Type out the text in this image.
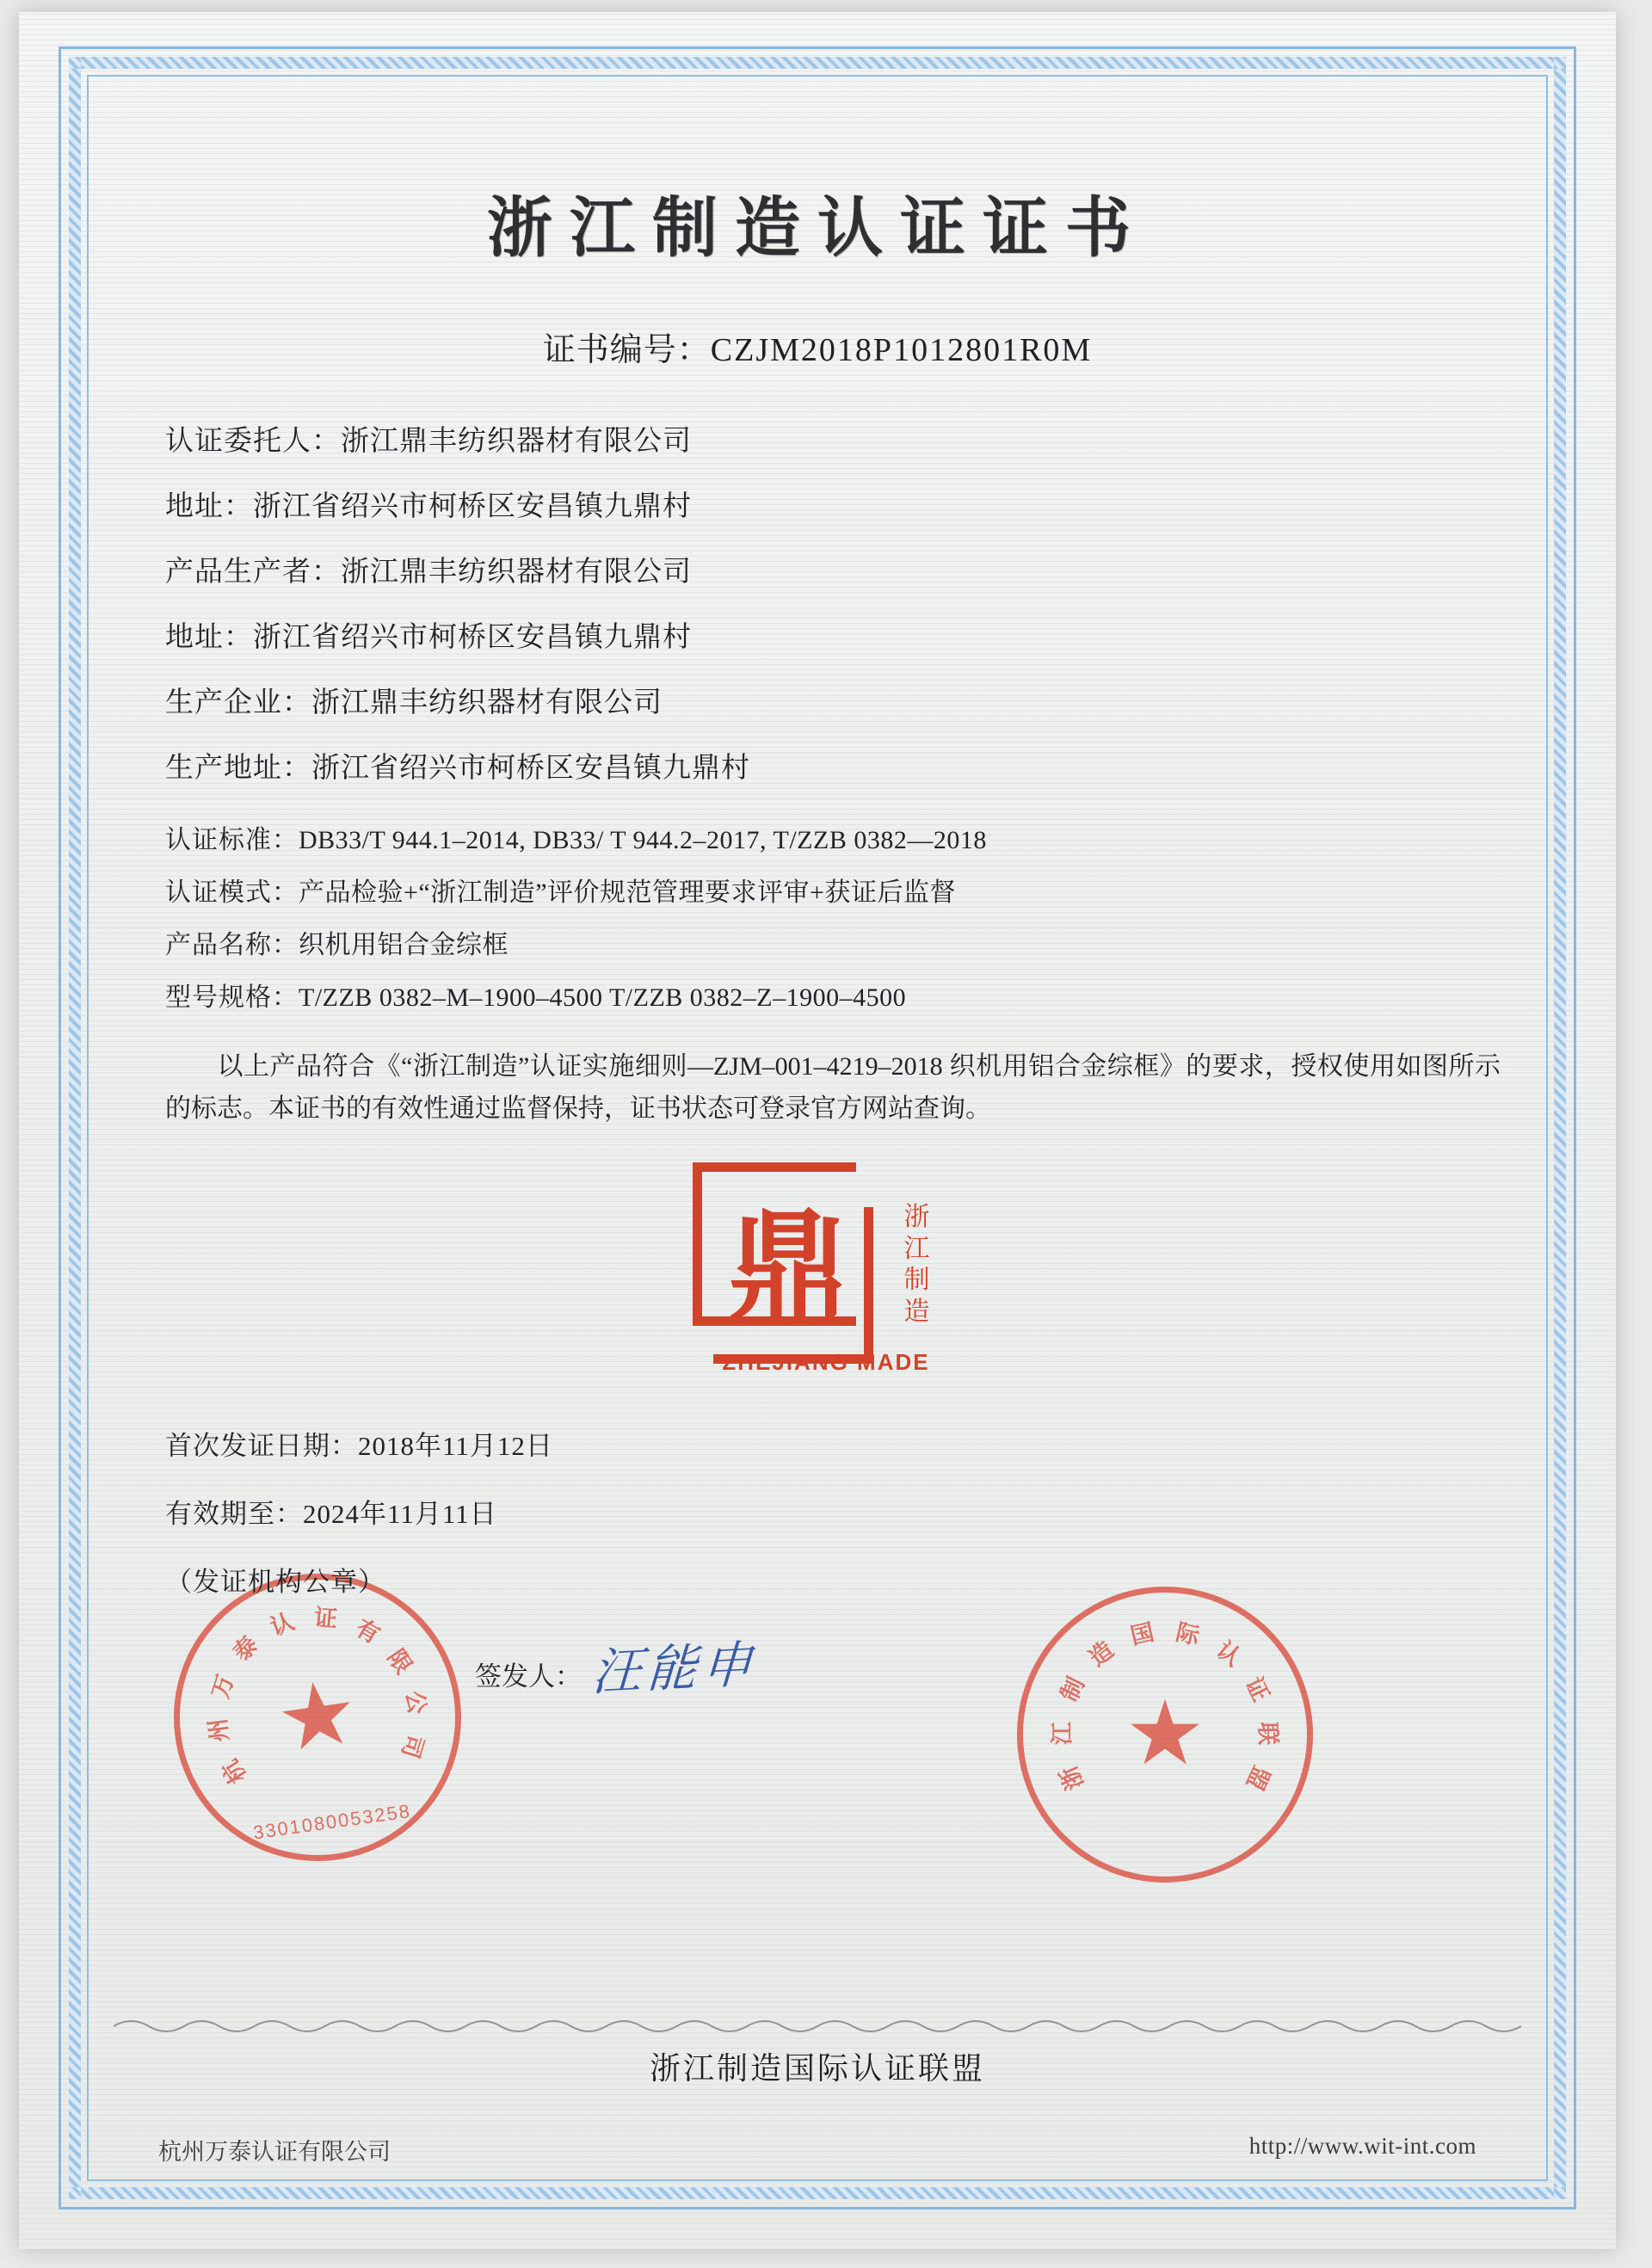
浙江制造认证证书
证书编号：CZJM2018P1012801R0M
认证委托人：浙江鼎丰纺织器材有限公司
地址：浙江省绍兴市柯桥区安昌镇九鼎村
产品生产者：浙江鼎丰纺织器材有限公司
地址：浙江省绍兴市柯桥区安昌镇九鼎村
生产企业：浙江鼎丰纺织器材有限公司
生产地址：浙江省绍兴市柯桥区安昌镇九鼎村
认证标准：DB33/T 944.1–2014, DB33/ T 944.2–2017, T/ZZB 0382—2018
认证模式：产品检验+“浙江制造”评价规范管理要求评审+获证后监督
产品名称：织机用铝合金综框
型号规格：T/ZZB 0382–M–1900–4500 T/ZZB 0382–Z–1900–4500
以上产品符合《“浙江制造”认证实施细则—ZJM–001–4219–2018 织机用铝合金综框》的要求，授权使用如图所示的标志。本证书的有效性通过监督保持，证书状态可登录官方网站查询。
鼎 浙江制造
ZHEJIANG MADE
首次发证日期：2018年11月12日
有效期至：2024年11月11日
（发证机构公章）
签发人： 汪能申
杭
州
万
泰
认 证 有
限
公
司
★
3301080053258
浙
江
制
造
国 际
认
证
联
盟
★
浙江制造国际认证联盟
杭州万泰认证有限公司	http://www.wit-int.com
